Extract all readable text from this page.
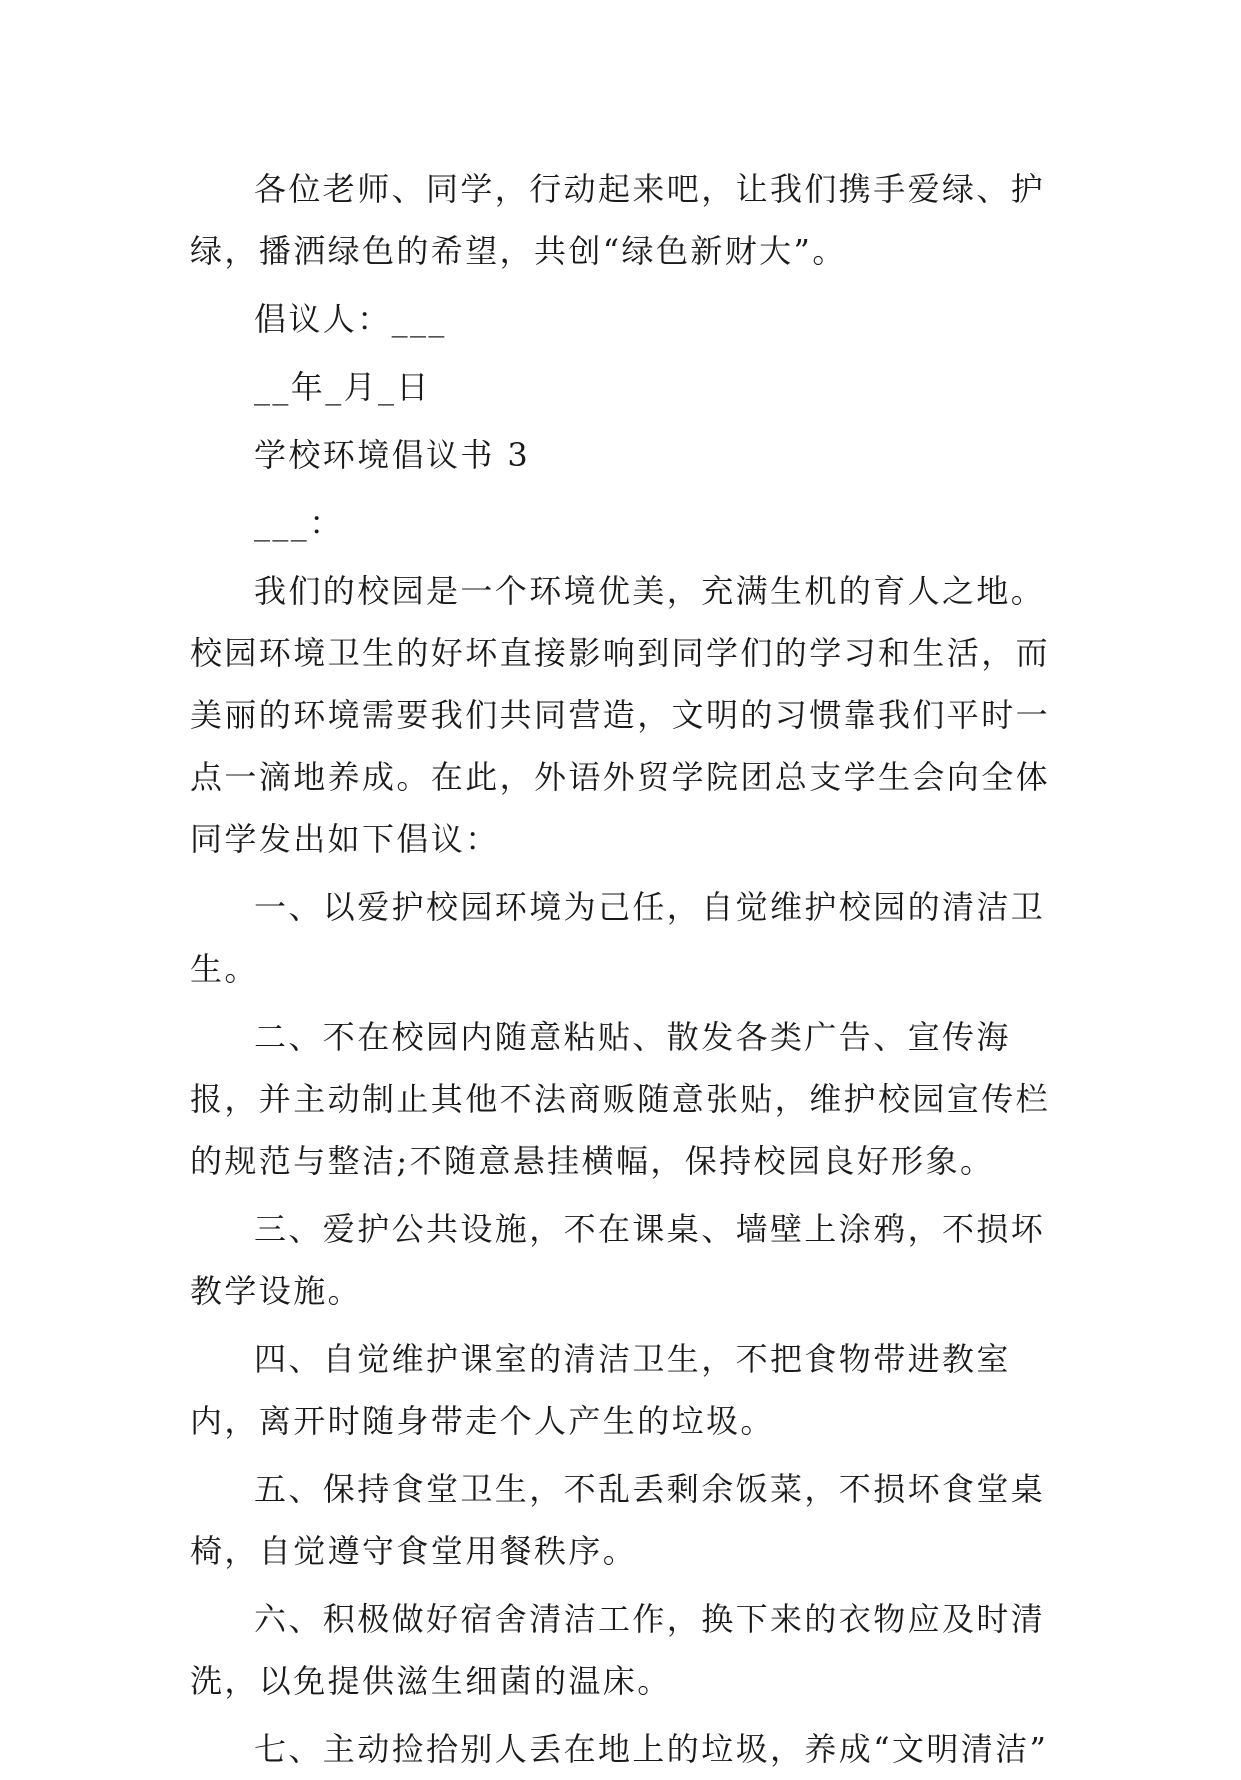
各位老师、同学，行动起来吧，让我们携手爱绿、护绿，播洒绿色的希望，共创“绿色新财大”。

倡议人：___

__年_月_日

学校环境倡议书 3

___：

我们的校园是一个环境优美，充满生机的育人之地。校园环境卫生的好坏直接影响到同学们的学习和生活，而美丽的环境需要我们共同营造，文明的习惯靠我们平时一点一滴地养成。在此，外语外贸学院团总支学生会向全体同学发出如下倡议：

一、以爱护校园环境为己任，自觉维护校园的清洁卫生。

二、不在校园内随意粘贴、散发各类广告、宣传海报，并主动制止其他不法商贩随意张贴，维护校园宣传栏的规范与整洁;不随意悬挂横幅，保持校园良好形象。

三、爱护公共设施，不在课桌、墙壁上涂鸦，不损坏教学设施。

四、自觉维护课室的清洁卫生，不把食物带进教室内，离开时随身带走个人产生的垃圾。

五、保持食堂卫生，不乱丢剩余饭菜，不损坏食堂桌椅，自觉遵守食堂用餐秩序。

六、积极做好宿舍清洁工作，换下来的衣物应及时清洗，以免提供滋生细菌的温床。

七、主动捡拾别人丢在地上的垃圾，养成“文明清洁”
